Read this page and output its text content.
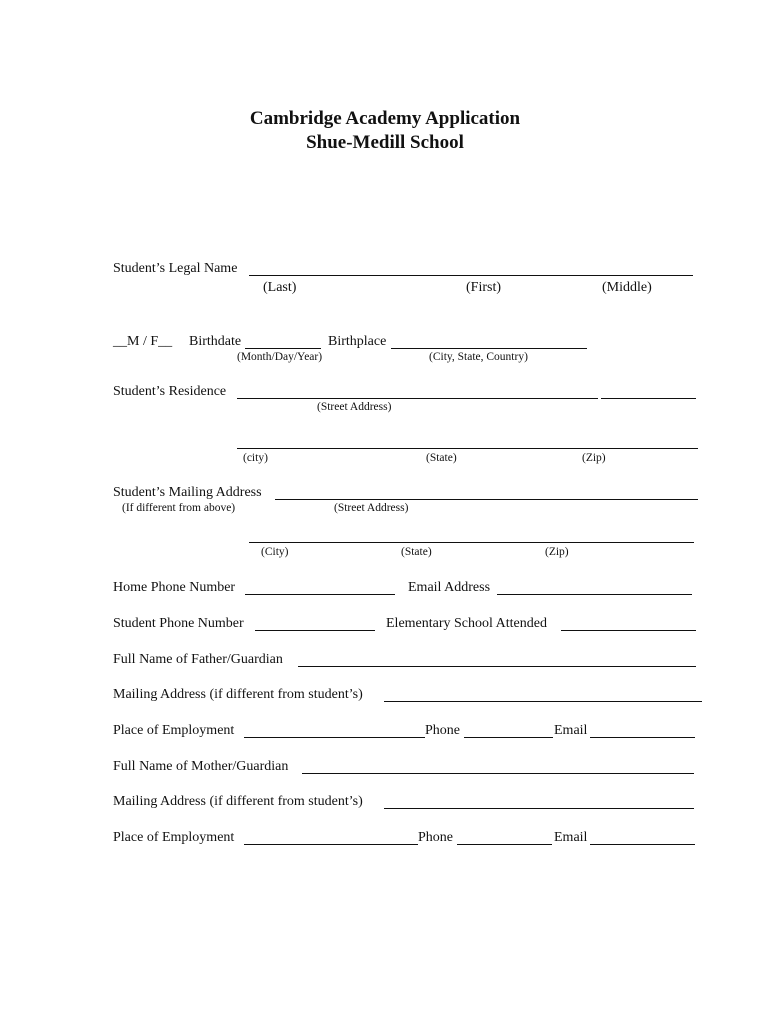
Cambridge Academy Application
Shue-Medill School
Student’s Legal Name
(Last)	(First)	(Middle)
__M / F__ Birthdate	Birthplace
(Month/Day/Year)	(City, State, Country)
Student’s Residence
(Street Address)
(city)	(State)	(Zip)
Student’s Mailing Address
(If different from above)	(Street Address)
(City)	(State)	(Zip)
Home Phone Number	Email Address
Student Phone Number	Elementary School Attended
Full Name of Father/Guardian
Mailing Address (if different from student’s)
Place of Employment	Phone	Email
Full Name of Mother/Guardian
Mailing Address (if different from student’s)
Place of Employment	Phone	Email
